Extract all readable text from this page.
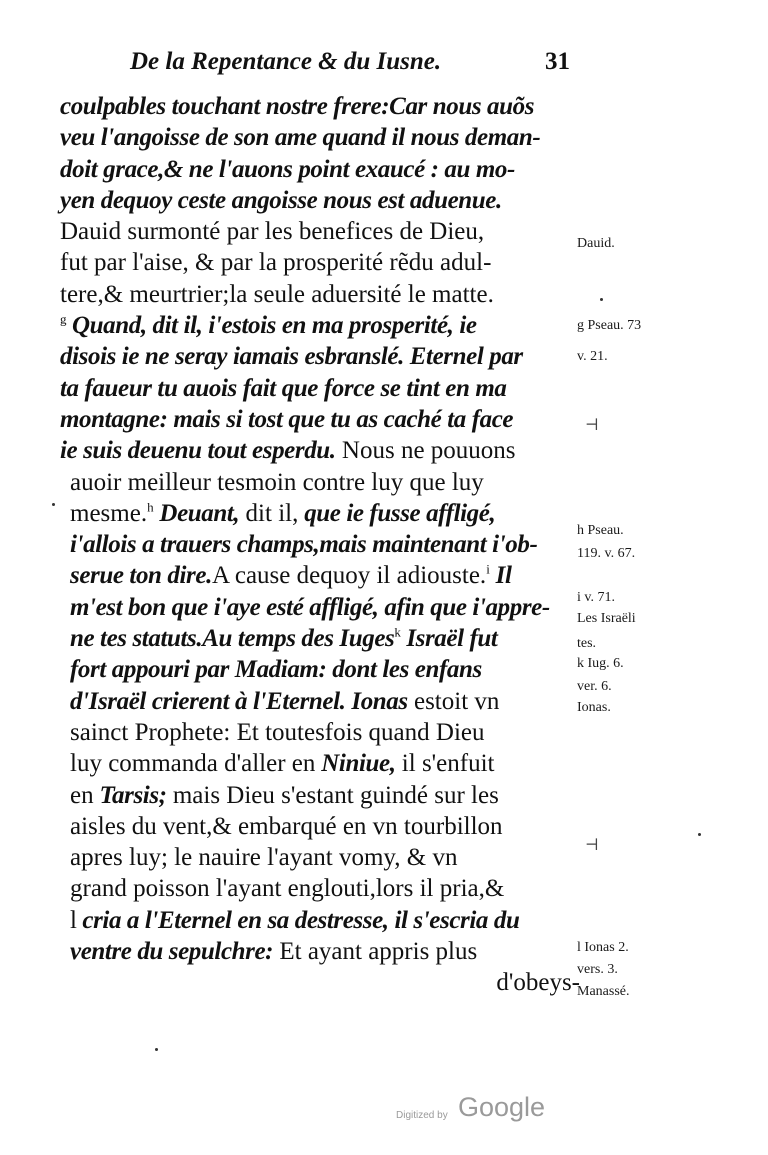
De la Repentance & du Iusne.	31
coulpables touchant nostre frere:Car nous auõs
veu l'angoisse de son ame quand il nous deman-
doit grace,& ne l'auons point exaucé : au mo-
yen dequoy ceste angoisse nous est aduenue.
Dauid surmonté par les benefices de Dieu,
fut par l'aise, & par la prosperité rẽdu adul-
tere,& meurtrier;la seule aduersité le matte.
$^g$ Quand, dit il, i'estois en ma prosperité, ie
disois ie ne seray iamais esbranslé. Eternel par
ta faueur tu auois fait que force se tint en ma
montagne: mais si tost que tu as caché ta face
ie suis deuenu tout esperdu. Nous ne pouuons
auoir meilleur tesmoin contre luy que luy
mesme.$^h$ Deuant, dit il, que ie fusse affligé,
i'allois a trauers champs,mais maintenant i'ob-
serue ton dire.A cause dequoy il adiouste.$^i$ Il
m'est bon que i'aye esté affligé, afin que i'appre-
ne tes statuts.Au temps des Iuges$^k$ Israël fut
fort appouri par Madiam: dont les enfans
d'Israël crierent à l'Eternel. Ionas estoit vn
sainct Prophete: Et toutesfois quand Dieu
luy commanda d'aller en Niniue, il s'enfuit
en Tarsis; mais Dieu s'estant guindé sur les
aisles du vent,& embarqué en vn tourbillon
apres luy; le nauire l'ayant vomy, & vn
grand poisson l'ayant englouti,lors il pria,&
l cria a l'Eternel en sa destresse, il s'escria du
ventre du sepulchre: Et ayant appris plus
d'obeys-
Dauid.
g Pseau. 73
v. 21.
h Pseau.
119. v. 67.
i v. 71.
Les Israëli
tes.
k Iug. 6.
ver. 6.
Ionas.
l Ionas 2.
vers. 3.
Manassé.
⊣
⊣
Digitized by Google
